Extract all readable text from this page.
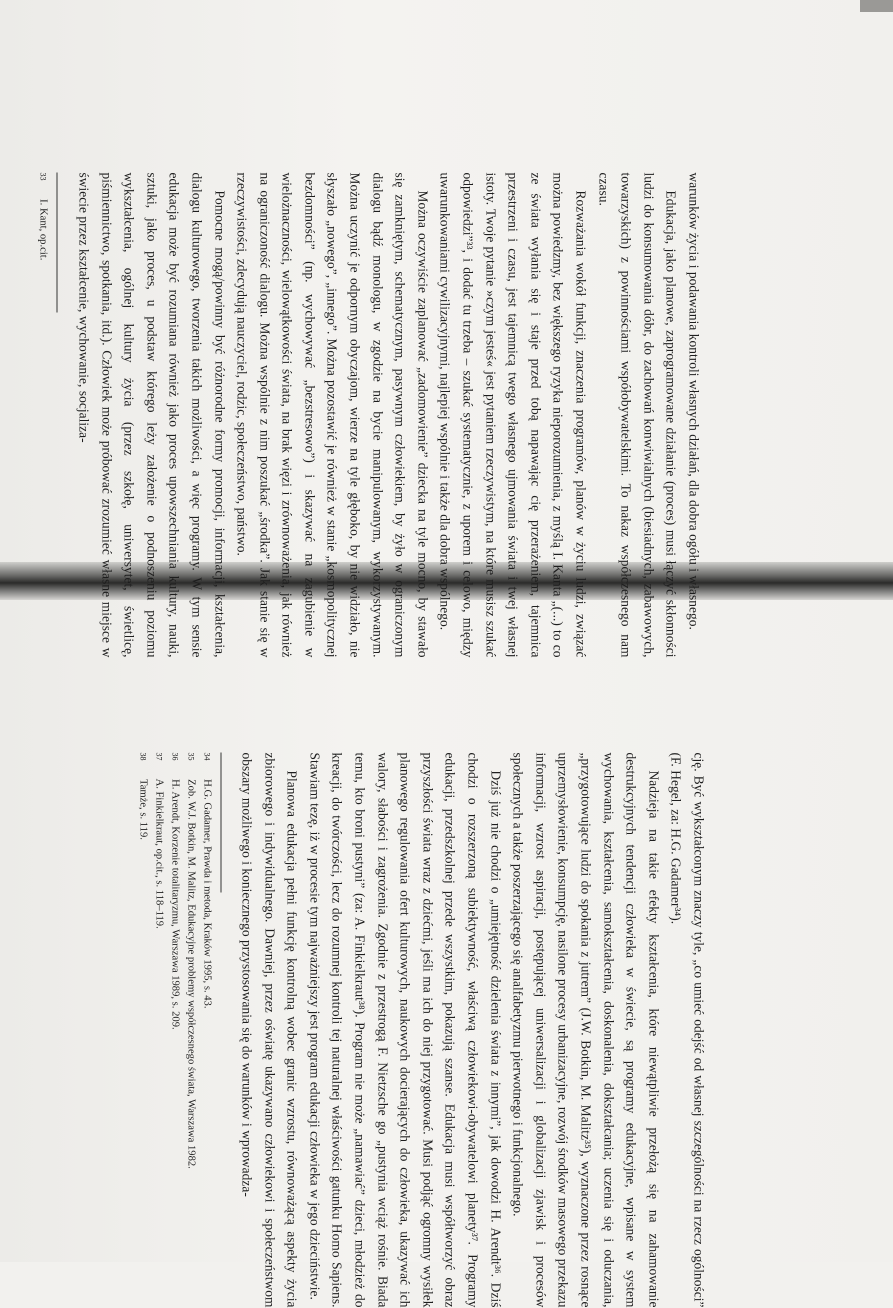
warunków życia i podawania kontroli własnych działań, dla dobra ogółu i własnego.

Edukacja, jako planowe, zaprogramowane działanie (proces) musi łączyć skłonności ludzi do konsumowania dóbr, do zachowań konwiwialnych (biesiadnych, zabawowych, towarzyskich) z powinnościami współobywatelskimi. To nakaz współczesnego nam czasu.

Rozważania wokół funkcji, znaczenia programów, planów w życiu ludzi, związać można powiedzmy, bez większego ryzyka nieporozumienia, z myślą I. Kanta „(...) to co ze świata wyłania się i staje przed tobą napawając cię przerażeniem, tajemnica przestrzeni i czasu, jest tajemnicą twego własnego ujmowania świata i twej własnej istoty. Twoje pytanie »czym jesteś« jest pytaniem rzeczywistym, na które musisz szukać odpowiedzi”³³, i dodać tu trzeba – szukać systematycznie, z uporem i celowo, między uwarunkowaniami cywilizacyjnymi, najlepiej wspólnie i także dla dobra wspólnego.

Można oczywiście zaplanować „zadomowienie” dziecka na tyle mocno, by stawało się zamkniętym, schematycznym, pasywnym człowiekiem, by żyło w ograniczonym dialogu bądź monologu, w zgodzie na bycie manipulowanym, wykorzystywanym. Można uczynić je odpornym obyczajom, wierze na tyle głęboko, by nie widziało, nie słyszało „nowego”, „innego”. Można pozostawić je również w stanie „kosmopolitycznej bezdomności” (np. wychowywać „bezstresowo”) i skazywać na zagubienie w wielożnaczności, wielowątkowości świata, na brak więzi i zrównoważenia, jak również na ograniczoność dialogu. Można wspólnie z nim poszukać „środka”. Jak stanie się w rzeczywistości, zdecydują nauczyciel, rodzic, społeczeństwo, państwo.

Pomocne mogą/powinny być różnorodne formy promocji, informacji, kształcenia, dialogu kulturowego, tworzenia takich możliwości, a więc programy. W tym sensie edukacja może być rozumiana również jako proces upowszechniania kultury, nauki, sztuki, jako proces, u podstaw którego leży założenie o podnoszeniu poziomu wykształcenia, ogólnej kultury życia (przez szkołę, uniwersytet, świetlicę, piśmiennictwo, spotkania, itd.). Człowiek może próbować zrozumieć własne miejsce w świecie przez kształcenie, wychowanie, socjaliza-

33 I. Kant, op.cit.

cję. Być wykształconym znaczy tyle, „co umieć odejść od własnej szczególności na rzecz ogólności” (F. Hegel, za: H.G. Gadamer³⁴).

Nadzieja na takie efekty kształcenia, które niewątpliwie przełożą się na zahamowanie destrukcyjnych tendencji człowieka w świecie, są programy edukacyjne, wpisane w system wychowania, kształcenia, samokształcenia, doskonalenia, dokształcania; uczenia się i oduczania, „przygotowujące ludzi do spokania z jutrem” (J.W. Botkin, M. Malitz³⁵), wyznaczone przez rosnące uprzemysłowienie, konsumpcję, nasilone procesy urbanizacyjne, rozwój środków masowego przekazu informacji, wzrost aspiracji, postępującej uniwersalizacji i globalizacji zjawisk i procesów społecznych a także poszerzającego się analfabetyzmu pierwotnego i funkcjonalnego.

Dziś już nie chodzi o „umiejętność dzielenia świata z innymi”, jak dowodzi H. Arendt³⁶. Dziś chodzi o rozszerzoną subiektywność, właściwą człowiekowi-obywatelowi planety³⁷. Programy edukacji, przedszkolnej przede wszystkim, pokazują szanse. Edukacja musi współtworzyć obraz przyszłości świata wraz z dziećmi, jeśli ma ich do niej przygotować. Musi podjąć ogromny wysiłek planowego regulowania ofert kulturowych, naukowych docierających do człowieka, ukazywać ich walory, słabości i zagrożenia. Zgodnie z przestrogą F. Nietzsche go „pustynia wciąż rośnie. Biada temu, kto broni pustyni” (za: A. Finkielkraut³⁸). Program nie może „namawiać” dzieci, młodzież do kreacji, do twórczości, lecz do rozumnej kontroli tej naturalnej właściwości gatunku Homo Sapiens. Stawiam tezę, iż w procesie tym najważniejszy jest program edukacji człowieka w jego dzieciństwie.

Planowa edukacja pełni funkcję kontrolną wobec granic wzrostu, równoważącą aspekty życia zbiorowego i indywidualnego. Dawniej, przez oświatę ukazywano człowiekowi i społeczeństwom obszary możliwego i koniecznego przystosowania się do warunków i wprowadza-

34 H.G. Gadamer, Prawda i metoda, Kraków 1995, s. 43.
35 Zob. W.J. Botkin, M. Malitz, Edukacyjne problemy współczesnego świata, Warszawa 1982.
36 H. Arendt, Korzenie totalitaryzmu, Warszawa 1989, s. 209.
37 A. Finkielkraut, op.cit., s. 118–119.
38 Tamże, s. 119.
